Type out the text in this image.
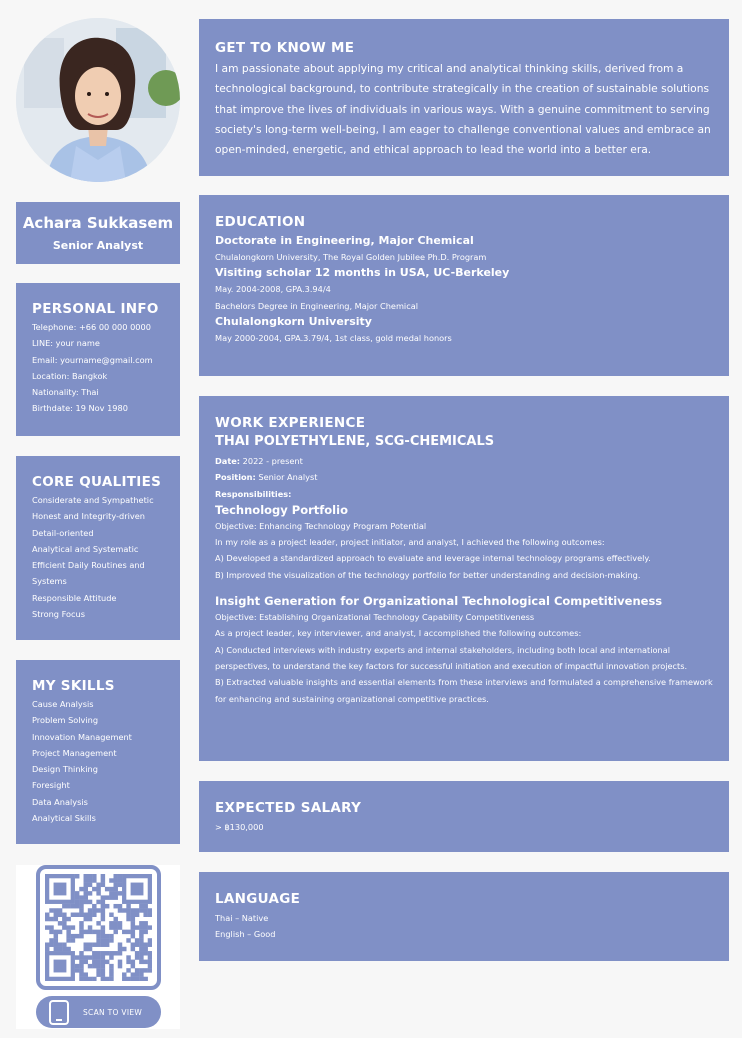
Achara Sukkasem
Senior Analyst
PERSONAL INFO
Telephone: +66 00 000 0000
LINE: your name
Email: yourname@gmail.com
Location: Bangkok
Nationality: Thai
Birthdate: 19 Nov 1980
CORE QUALITIES
Considerate and Sympathetic
Honest and Integrity-driven
Detail-oriented
Analytical and Systematic
Efficient Daily Routines and
Systems
Responsible Attitude
Strong Focus
MY SKILLS
Cause Analysis
Problem Solving
Innovation Management
Project Management
Design Thinking
Foresight
Data Analysis
Analytical Skills
SCAN TO VIEW
GET TO KNOW ME
I am passionate about applying my critical and analytical thinking skills, derived from a technological background, to contribute strategically in the creation of sustainable solutions that improve the lives of individuals in various ways. With a genuine commitment to serving society's long-term well-being, I am eager to challenge conventional values and embrace an open-minded, energetic, and ethical approach to lead the world into a better era.
EDUCATION
Doctorate in Engineering, Major Chemical
Chulalongkorn University, The Royal Golden Jubilee Ph.D. Program
Visiting scholar 12 months in USA, UC-Berkeley
May. 2004-2008, GPA.3.94/4
Bachelors Degree in Engineering, Major Chemical
Chulalongkorn University
May 2000-2004, GPA.3.79/4, 1st class, gold medal honors
WORK EXPERIENCE
THAI POLYETHYLENE, SCG-CHEMICALS
Date: 2022 - present
Position: Senior Analyst
Responsibilities:
Technology Portfolio
Objective: Enhancing Technology Program Potential
In my role as a project leader, project initiator, and analyst, I achieved the following outcomes:
A) Developed a standardized approach to evaluate and leverage internal technology programs effectively.
B) Improved the visualization of the technology portfolio for better understanding and decision-making.
Insight Generation for Organizational Technological Competitiveness
Objective: Establishing Organizational Technology Capability Competitiveness
As a project leader, key interviewer, and analyst, I accomplished the following outcomes:
A) Conducted interviews with industry experts and internal stakeholders, including both local and international perspectives, to understand the key factors for successful initiation and execution of impactful innovation projects.
B) Extracted valuable insights and essential elements from these interviews and formulated a comprehensive framework for enhancing and sustaining organizational competitive practices.
EXPECTED SALARY
> ฿130,000
LANGUAGE
Thai – Native
English – Good
